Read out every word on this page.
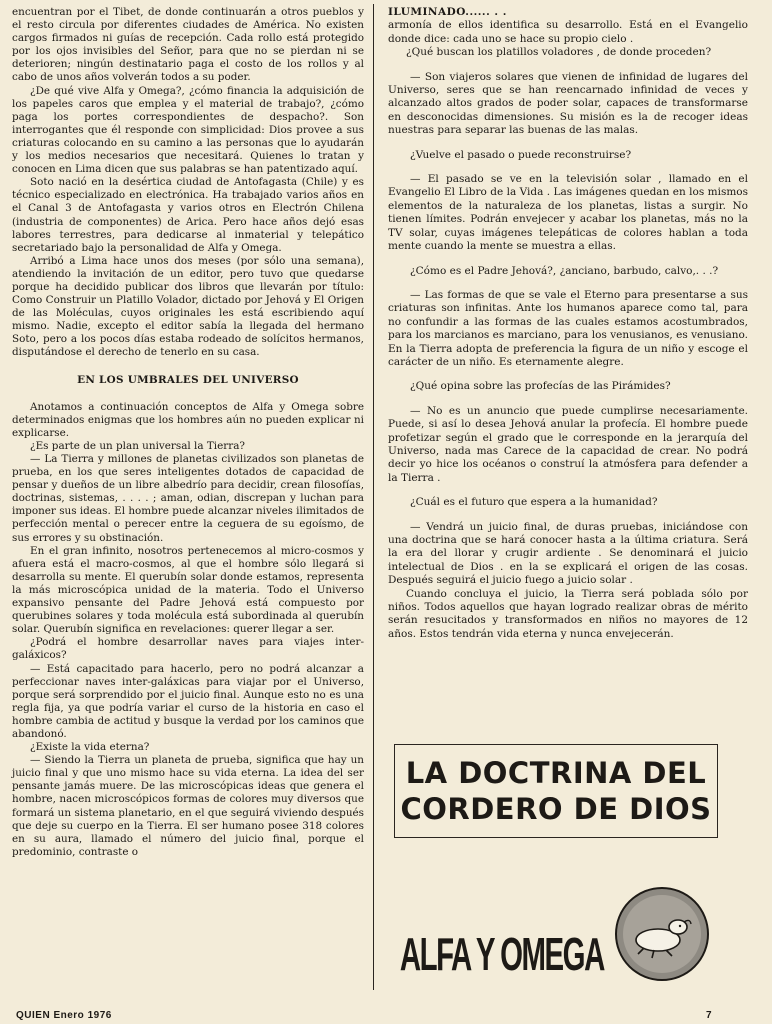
encuentran por el Tibet, de donde continuarán a otros pueblos y el resto circula por diferentes ciudades de América. No existen cargos firmados ni guías de recepción. Cada rollo está protegido por los ojos invisibles del Señor, para que no se pierdan ni se deterioren; ningún destinatario paga el costo de los rollos y al cabo de unos años volverán todos a su poder.

¿De qué vive Alfa y Omega?, ¿cómo financia la adquisición de los papeles caros que emplea y el material de trabajo?, ¿cómo paga los portes correspondientes de despacho?. Son interrogantes que él responde con simplicidad: Dios provee a sus criaturas colocando en su camino a las personas que lo ayudarán y los medios necesarios que necesitará. Quienes lo tratan y conocen en Lima dicen que sus palabras se han patentizado aquí.

Soto nació en la desértica ciudad de Antofagasta (Chile) y es técnico especializado en electrónica. Ha trabajado varios años en el Canal 3 de Antofagasta y varios otros en Electrón Chilena (industria de componentes) de Arica. Pero hace años dejó esas labores terrestres, para dedicarse al inmaterial y telepático secretariado bajo la personalidad de Alfa y Omega.

Arribó a Lima hace unos dos meses (por sólo una semana), atendiendo la invitación de un editor, pero tuvo que quedarse porque ha decidido publicar dos libros que llevarán por título: Como Construir un Platillo Volador, dictado por Jehová y El Origen de las Moléculas, cuyos originales les está escribiendo aquí mismo. Nadie, excepto el editor sabía la llegada del hermano Soto, pero a los pocos días estaba rodeado de solícitos hermanos, disputándose el derecho de tenerlo en su casa.

EN LOS UMBRALES DEL UNIVERSO

Anotamos a continuación conceptos de Alfa y Omega sobre determinados enigmas que los hombres aún no pueden explicar ni explicarse.

¿Es parte de un plan universal la Tierra?

— La Tierra y millones de planetas civilizados son planetas de prueba, en los que seres inteligentes dotados de capacidad de pensar y dueños de un libre albedrío para decidir, crean filosofías, doctrinas, sistemas, . . . . ; aman, odian, discrepan y luchan para imponer sus ideas. El hombre puede alcanzar niveles ilimitados de perfección mental o perecer entre la ceguera de su egoísmo, de sus errores y su obstinación.

En el gran infinito, nosotros pertenecemos al micro-cosmos y afuera está el macro-cosmos, al que el hombre sólo llegará si desarrolla su mente. El querubín solar donde estamos, representa la más microscópica unidad de la materia. Todo el Universo expansivo pensante del Padre Jehová está compuesto por querubines solares y toda molécula está subordinada al querubín solar. Querubín significa en revelaciones: querer llegar a ser.

¿Podrá el hombre desarrollar naves para viajes inter-galáxicos?

— Está capacitado para hacerlo, pero no podrá alcanzar a perfeccionar naves inter-galáxicas para viajar por el Universo, porque será sorprendido por el juicio final. Aunque esto no es una regla fija, ya que podría variar el curso de la historia en caso el hombre cambia de actitud y busque la verdad por los caminos que abandonó.

¿Existe la vida eterna?

— Siendo la Tierra un planeta de prueba, significa que hay un juicio final y que uno mismo hace su vida eterna. La idea del ser pensante jamás muere. De las microscópicas ideas que genera el hombre, nacen microscópicos formas de colores muy diversos que formará un sistema planetario, en el que seguirá viviendo después que deje su cuerpo en la Tierra. El ser humano posee 318 colores en su aura, llamado el número del juicio final, porque el predominio, contraste o

ILUMINADO...... . .

armonía de ellos identifica su desarrollo. Está en el Evangelio donde dice: cada uno se hace su propio cielo .

¿Qué buscan los platillos voladores , de donde proceden?

— Son viajeros solares que vienen de infinidad de lugares del Universo, seres que se han reencarnado infinidad de veces y alcanzado altos grados de poder solar, capaces de transformarse en desconocidas dimensiones. Su misión es la de recoger ideas nuestras para separar las buenas de las malas.

¿Vuelve el pasado o puede reconstruirse?

— El pasado se ve en la televisión solar , llamado en el Evangelio El Libro de la Vida . Las imágenes quedan en los mismos elementos de la naturaleza de los planetas, listas a surgir. No tienen límites. Podrán envejecer y acabar los planetas, más no la TV solar, cuyas imágenes telepáticas de colores hablan a toda mente cuando la mente se muestra a ellas.

¿Cómo es el Padre Jehová?, ¿anciano, barbudo, calvo,. . .?

— Las formas de que se vale el Eterno para presentarse a sus criaturas son infinitas. Ante los humanos aparece como tal, para no confundir a las formas de las cuales estamos acostumbrados, para los marcianos es marciano, para los venusianos, es venusiano. En la Tierra adopta de preferencia la figura de un niño y escoge el carácter de un niño. Es eternamente alegre.

¿Qué opina sobre las profecías de las Pirámides?

— No es un anuncio que puede cumplirse necesariamente. Puede, si así lo desea Jehová anular la profecía. El hombre puede profetizar según el grado que le corresponde en la jerarquía del Universo, nada mas Carece de la capacidad de crear. No podrá decir yo hice los océanos o construí la atmósfera para defender a la Tierra .

¿Cuál es el futuro que espera a la humanidad?

— Vendrá un juicio final, de duras pruebas, iniciándose con una doctrina que se hará conocer hasta a la última criatura. Será la era del llorar y crugir ardiente . Se denominará el juicio intelectual de Dios . en la se explicará el origen de las cosas. Después seguirá el juicio fuego a juicio solar .

Cuando concluya el juicio, la Tierra será poblada sólo por niños. Todos aquellos que hayan logrado realizar obras de mérito serán resucitados y transformados en niños no mayores de 12 años. Estos tendrán vida eterna y nunca envejecerán.

LA DOCTRINA DEL
CORDERO DE DIOS
ALFA Y OMEGA
QUIEN Enero 1976	7
